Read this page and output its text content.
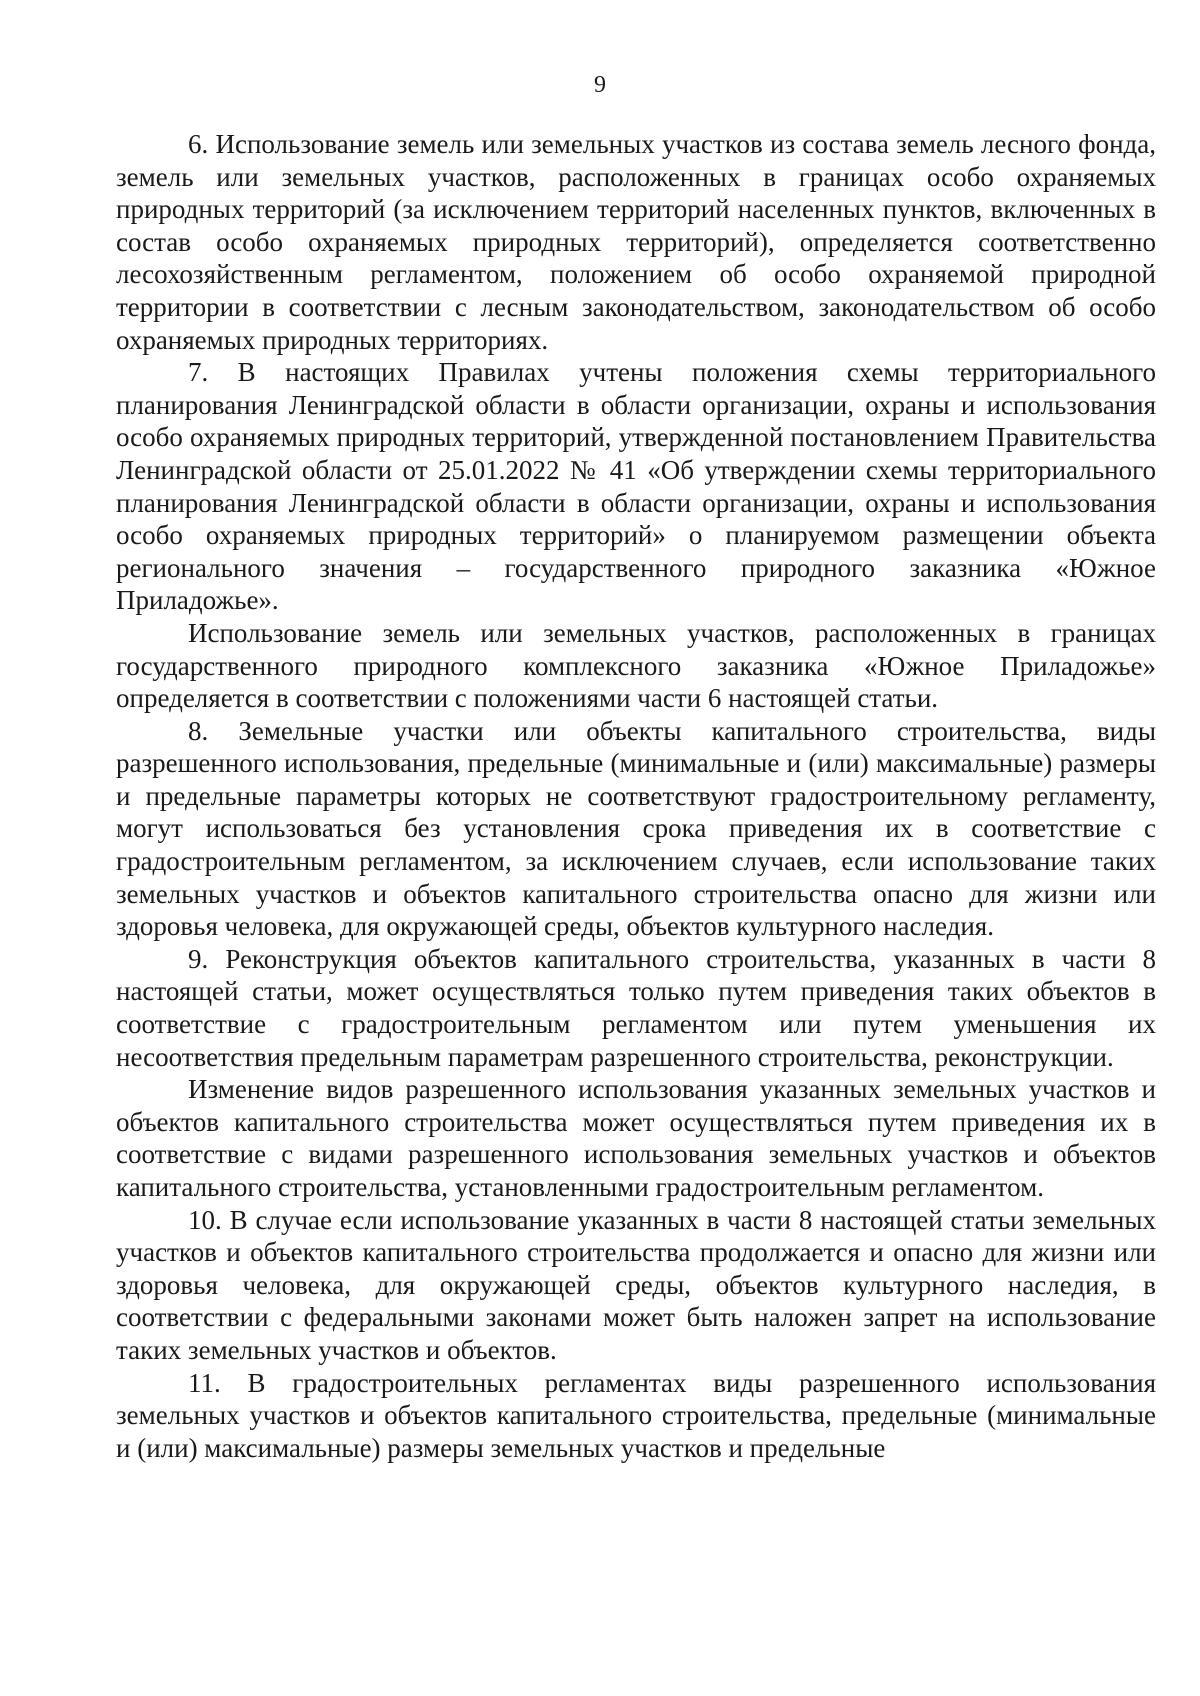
9

6. Использование земель или земельных участков из состава земель лесного фонда, земель или земельных участков, расположенных в границах особо охраняемых природных территорий (за исключением территорий населенных пунктов, включенных в состав особо охраняемых природных территорий), определяется соответственно лесохозяйственным регламентом, положением об особо охраняемой природной территории в соответствии с лесным законодательством, законодательством об особо охраняемых природных территориях.

7. В настоящих Правилах учтены положения схемы территориального планирования Ленинградской области в области организации, охраны и использования особо охраняемых природных территорий, утвержденной постановлением Правительства Ленинградской области от 25.01.2022 № 41 «Об утверждении схемы территориального планирования Ленинградской области в области организации, охраны и использования особо охраняемых природных территорий» о планируемом размещении объекта регионального значения – государственного природного заказника «Южное Приладожье».

Использование земель или земельных участков, расположенных в границах государственного природного комплексного заказника «Южное Приладожье» определяется в соответствии с положениями части 6 настоящей статьи.

8. Земельные участки или объекты капитального строительства, виды разрешенного использования, предельные (минимальные и (или) максимальные) размеры и предельные параметры которых не соответствуют градостроительному регламенту, могут использоваться без установления срока приведения их в соответствие с градостроительным регламентом, за исключением случаев, если использование таких земельных участков и объектов капитального строительства опасно для жизни или здоровья человека, для окружающей среды, объектов культурного наследия.

9. Реконструкция объектов капитального строительства, указанных в части 8 настоящей статьи, может осуществляться только путем приведения таких объектов в соответствие с градостроительным регламентом или путем уменьшения их несоответствия предельным параметрам разрешенного строительства, реконструкции.

Изменение видов разрешенного использования указанных земельных участков и объектов капитального строительства может осуществляться путем приведения их в соответствие с видами разрешенного использования земельных участков и объектов капитального строительства, установленными градостроительным регламентом.

10. В случае если использование указанных в части 8 настоящей статьи земельных участков и объектов капитального строительства продолжается и опасно для жизни или здоровья человека, для окружающей среды, объектов культурного наследия, в соответствии с федеральными законами может быть наложен запрет на использование таких земельных участков и объектов.

11. В градостроительных регламентах виды разрешенного использования земельных участков и объектов капитального строительства, предельные (минимальные и (или) максимальные) размеры земельных участков и предельные
